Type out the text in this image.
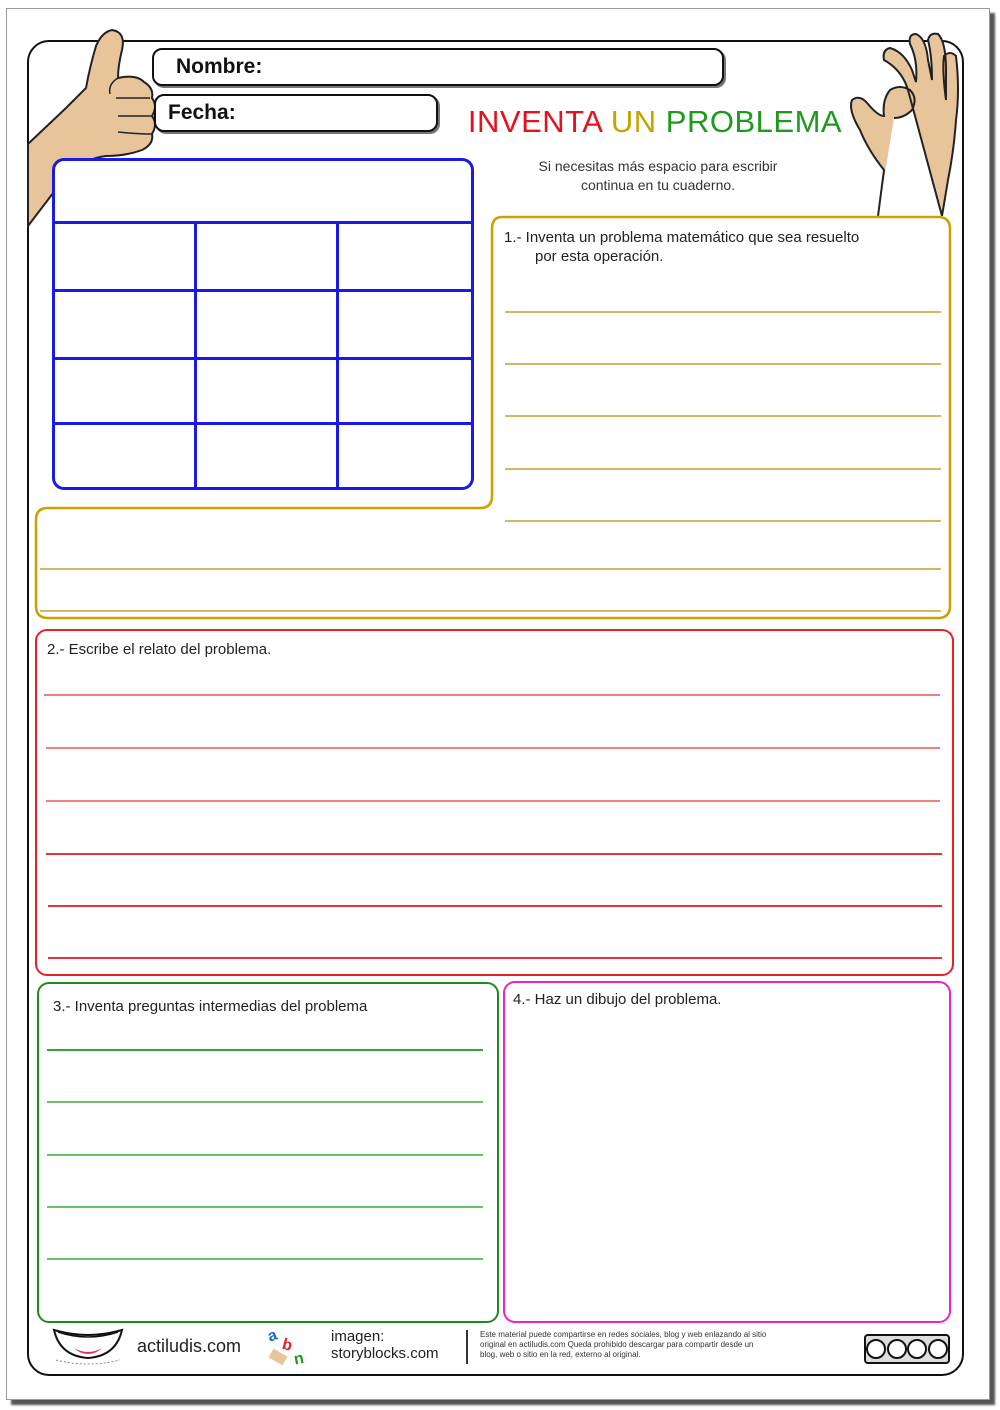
Nombre:
Fecha:	INVENTA UN PROBLEMA
Si necesitas más espacio para escribir
continua en tu cuaderno.
1.- Inventa un problema matemático que sea resuelto
por esta operación.
2.- Escribe el relato del problema.
3.- Inventa preguntas intermedias del problema	4.- Haz un dibujo del problema.
actiludis.com a b
n
imagen:
storyblocks.com
Este material puede compartirse en redes sociales, blog y web enlazando al sitio
original en actiludis.com Queda prohibido descargar para compartir desde un
blog, web o sitio en la red, externo al original.
